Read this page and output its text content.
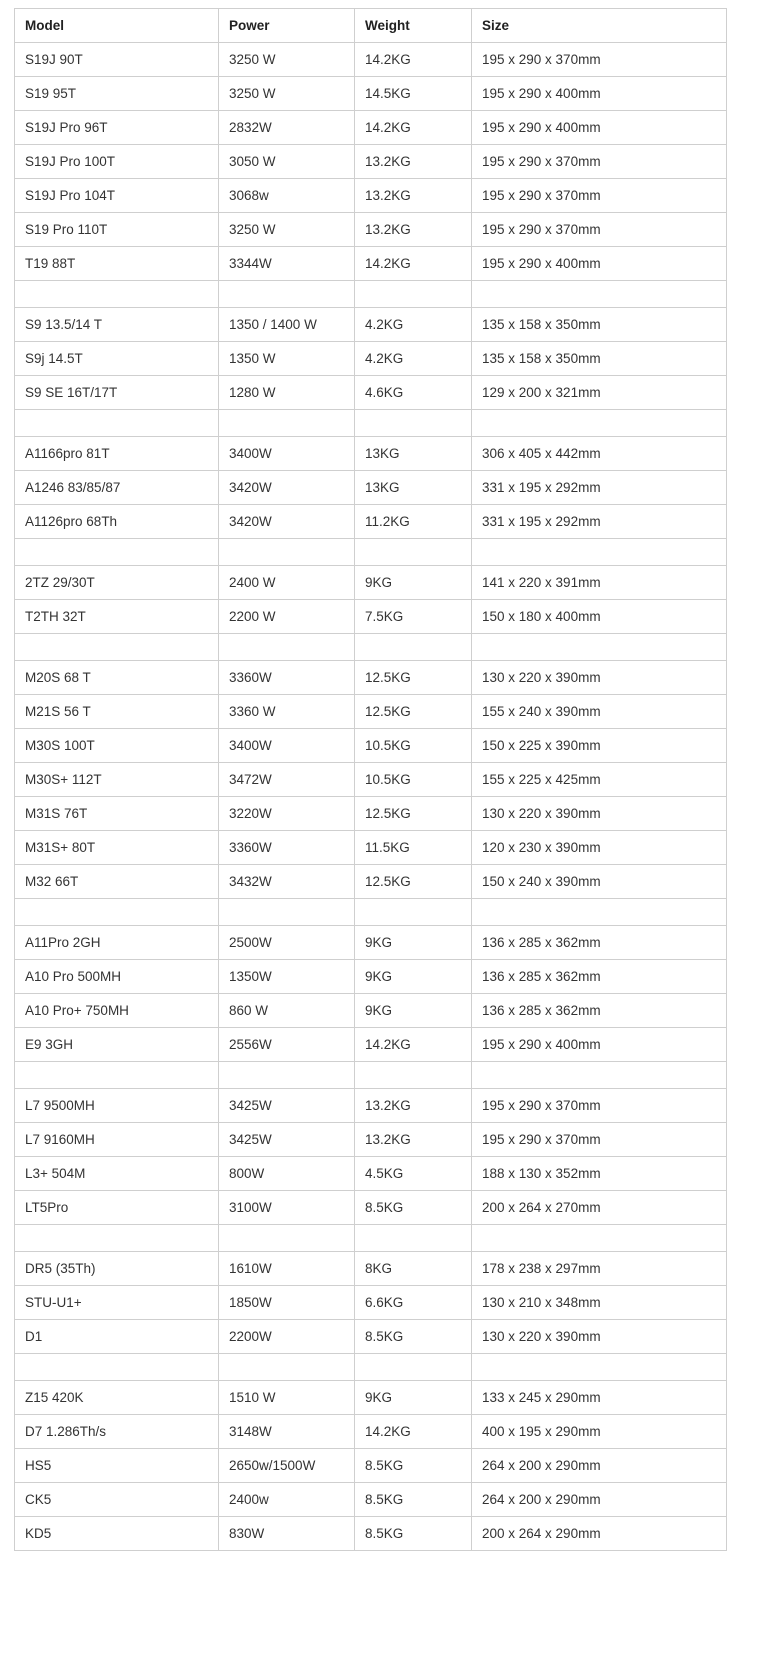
Model	Power	Weight	Size
S19J 90T	3250 W	14.2KG	195 x 290 x 370mm
S19 95T	3250 W	14.5KG	195 x 290 x 400mm
S19J Pro 96T	2832W	14.2KG	195 x 290 x 400mm
S19J Pro 100T	3050 W	13.2KG	195 x 290 x 370mm
S19J Pro 104T	3068w	13.2KG	195 x 290 x 370mm
S19 Pro 110T	3250 W	13.2KG	195 x 290 x 370mm
T19 88T	3344W	14.2KG	195 x 290 x 400mm

S9 13.5/14 T	1350 / 1400 W	4.2KG	135 x 158 x 350mm
S9j 14.5T	1350 W	4.2KG	135 x 158 x 350mm
S9 SE 16T/17T	1280 W	4.6KG	129 x 200 x 321mm

A1166pro 81T	3400W	13KG	306 x 405 x 442mm
A1246 83/85/87	3420W	13KG	331 x 195 x 292mm
A1126pro 68Th	3420W	11.2KG	331 x 195 x 292mm

2TZ 29/30T	2400 W	9KG	141 x 220 x 391mm
T2TH 32T	2200 W	7.5KG	150 x 180 x 400mm

M20S 68 T	3360W	12.5KG	130 x 220 x 390mm
M21S 56 T	3360 W	12.5KG	155 x 240 x 390mm
M30S 100T	3400W	10.5KG	150 x 225 x 390mm
M30S+ 112T	3472W	10.5KG	155 x 225 x 425mm
M31S 76T	3220W	12.5KG	130 x 220 x 390mm
M31S+ 80T	3360W	11.5KG	120 x 230 x 390mm
M32 66T	3432W	12.5KG	150 x 240 x 390mm

A11Pro 2GH	2500W	9KG	136 x 285 x 362mm
A10 Pro 500MH	1350W	9KG	136 x 285 x 362mm
A10 Pro+ 750MH	860 W	9KG	136 x 285 x 362mm
E9 3GH	2556W	14.2KG	195 x 290 x 400mm

L7 9500MH	3425W	13.2KG	195 x 290 x 370mm
L7 9160MH	3425W	13.2KG	195 x 290 x 370mm
L3+ 504M	800W	4.5KG	188 x 130 x 352mm
LT5Pro	3100W	8.5KG	200 x 264 x 270mm

DR5 (35Th)	1610W	8KG	178 x 238 x 297mm
STU-U1+	1850W	6.6KG	130 x 210 x 348mm
D1	2200W	8.5KG	130 x 220 x 390mm

Z15 420K	1510 W	9KG	133 x 245 x 290mm
D7 1.286Th/s	3148W	14.2KG	400 x 195 x 290mm
HS5	2650w/1500W	8.5KG	264 x 200 x 290mm
CK5	2400w	8.5KG	264 x 200 x 290mm
KD5	830W	8.5KG	200 x 264 x 290mm
